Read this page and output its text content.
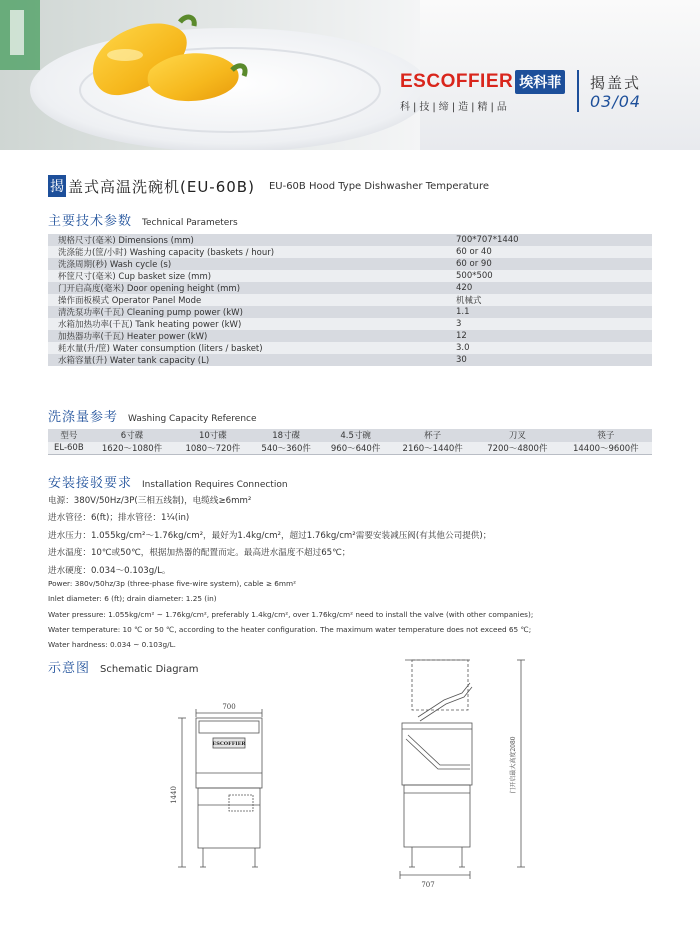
ESCOFFIER 埃科菲
科|技|缔|造|精|品
揭盖式
03/04
揭 盖式高温洗碗机(EU-60B) EU-60B Hood Type Dishwasher Temperature
主要技术参数 Technical Parameters
规格尺寸(毫米) Dimensions (mm)	700*707*1440
洗涤能力(筐/小时) Washing capacity (baskets / hour)	60 or 40
洗涤周期(秒) Wash cycle (s)	60 or 90
杯筐尺寸(毫米) Cup basket size (mm)	500*500
门开启高度(毫米) Door opening height (mm)	420
操作面板模式 Operator Panel Mode	机械式
清洗泵功率(千瓦) Cleaning pump power (kW)	1.1
水箱加热功率(千瓦) Tank heating power (kW)	3
加热器功率(千瓦) Heater power (kW)	12
耗水量(升/筐) Water consumption (liters / basket)	3.0
水箱容量(升) Water tank capacity (L)	30
洗涤量参考 Washing Capacity Reference
型号	6寸碟	10寸碟	18寸碟	4.5寸碗	杯子	刀叉	筷子
EL-60B	1620～1080件	1080～720件	540～360件	960～640件	2160～1440件	7200～4800件	14400～9600件
安装接驳要求 Installation Requires Connection
电源：380V/50Hz/3P(三相五线制)，电缆线≥6mm²
进水管径：6(ft)；排水管径：1¼(in)
进水压力：1.055kg/cm²～1.76kg/cm²，最好为1.4kg/cm²，超过1.76kg/cm²需要安装减压阀(有其他公司提供)；
进水温度：10℃或50℃，根据加热器的配置而定。最高进水温度不超过65℃；
进水硬度：0.034～0.103g/L。
Power: 380v/50hz/3p (three-phase five-wire system), cable ≥ 6mm²
Inlet diameter: 6 (ft); drain diameter: 1.25 (in)
Water pressure: 1.055kg/cm² ~ 1.76kg/cm², preferably 1.4kg/cm², over 1.76kg/cm² need to install the valve (with other companies);
Water temperature: 10 ℃ or 50 ℃, according to the heater configuration. The maximum water temperature does not exceed 65 ℃;
Water hardness: 0.034 ~ 0.103g/L.
示意图 Schematic Diagram
700
1440
ESCOFFIER
707
门开启最大高度2080
